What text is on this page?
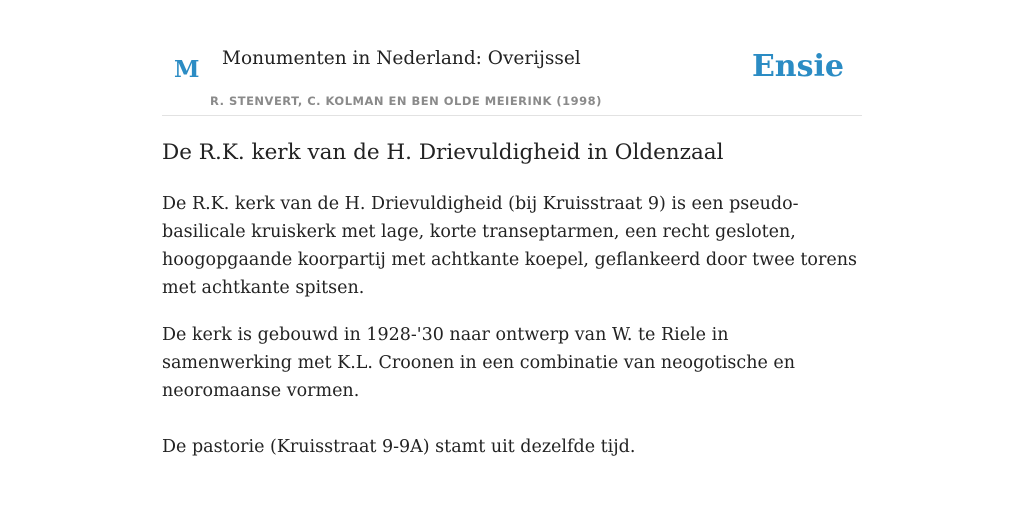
M Monumenten in Nederland: Overijssel
R. STENVERT, C. KOLMAN EN BEN OLDE MEIERINK (1998)
Ensie
De R.K. kerk van de H. Drievuldigheid in Oldenzaal

De R.K. kerk van de H. Drievuldigheid (bij Kruisstraat 9) is een pseudo-basilicale kruiskerk met lage, korte transeptarmen, een recht gesloten, hoogopgaande koorpartij met achtkante koepel, geflankeerd door twee torens met achtkante spitsen.

De kerk is gebouwd in 1928-'30 naar ontwerp van W. te Riele in samenwerking met K.L. Croonen in een combinatie van neogotische en neoromaanse vormen.

De pastorie (Kruisstraat 9-9A) stamt uit dezelfde tijd.
